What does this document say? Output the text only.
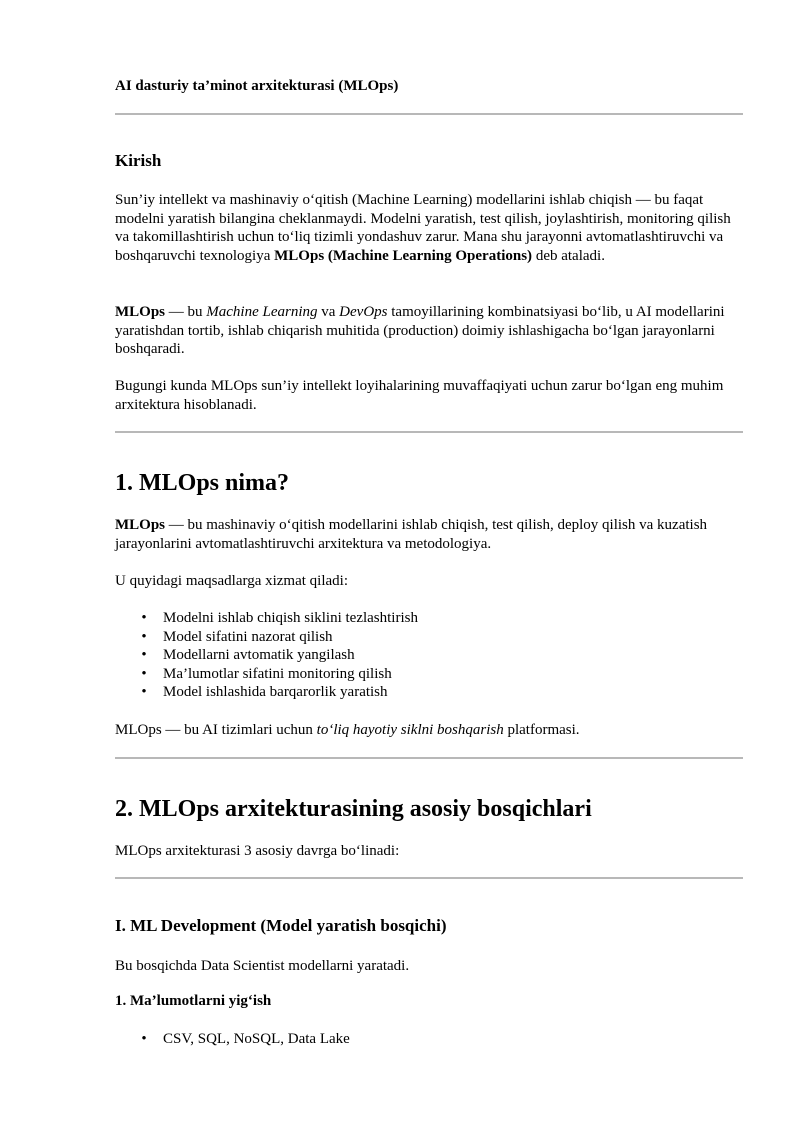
AI dasturiy ta’minot arxitekturasi (MLOps)

Kirish

Sun’iy intellekt va mashinaviy o‘qitish (Machine Learning) modellarini ishlab chiqish — bu faqat modelni yaratish bilangina cheklanmaydi. Modelni yaratish, test qilish, joylashtirish, monitoring qilish va takomillashtirish uchun to‘liq tizimli yondashuv zarur. Mana shu jarayonni avtomatlashtiruvchi va boshqaruvchi texnologiya MLOps (Machine Learning Operations) deb ataladi.

MLOps — bu Machine Learning va DevOps tamoyillarining kombinatsiyasi bo‘lib, u AI modellarini yaratishdan tortib, ishlab chiqarish muhitida (production) doimiy ishlashigacha bo‘lgan jarayonlarni boshqaradi.

Bugungi kunda MLOps sun’iy intellekt loyihalarining muvaffaqiyati uchun zarur bo‘lgan eng muhim arxitektura hisoblanadi.

1. MLOps nima?

MLOps — bu mashinaviy o‘qitish modellarini ishlab chiqish, test qilish, deploy qilish va kuzatish jarayonlarini avtomatlashtiruvchi arxitektura va metodologiya.

U quyidagi maqsadlarga xizmat qiladi:

• Modelni ishlab chiqish siklini tezlashtirish
• Model sifatini nazorat qilish
• Modellarni avtomatik yangilash
• Ma’lumotlar sifatini monitoring qilish
• Model ishlashida barqarorlik yaratish

MLOps — bu AI tizimlari uchun to‘liq hayotiy siklni boshqarish platformasi.

2. MLOps arxitekturasining asosiy bosqichlari

MLOps arxitekturasi 3 asosiy davrga bo‘linadi:

I. ML Development (Model yaratish bosqichi)

Bu bosqichda Data Scientist modellarni yaratadi.

1. Ma’lumotlarni yig‘ish
• CSV, SQL, NoSQL, Data Lake
